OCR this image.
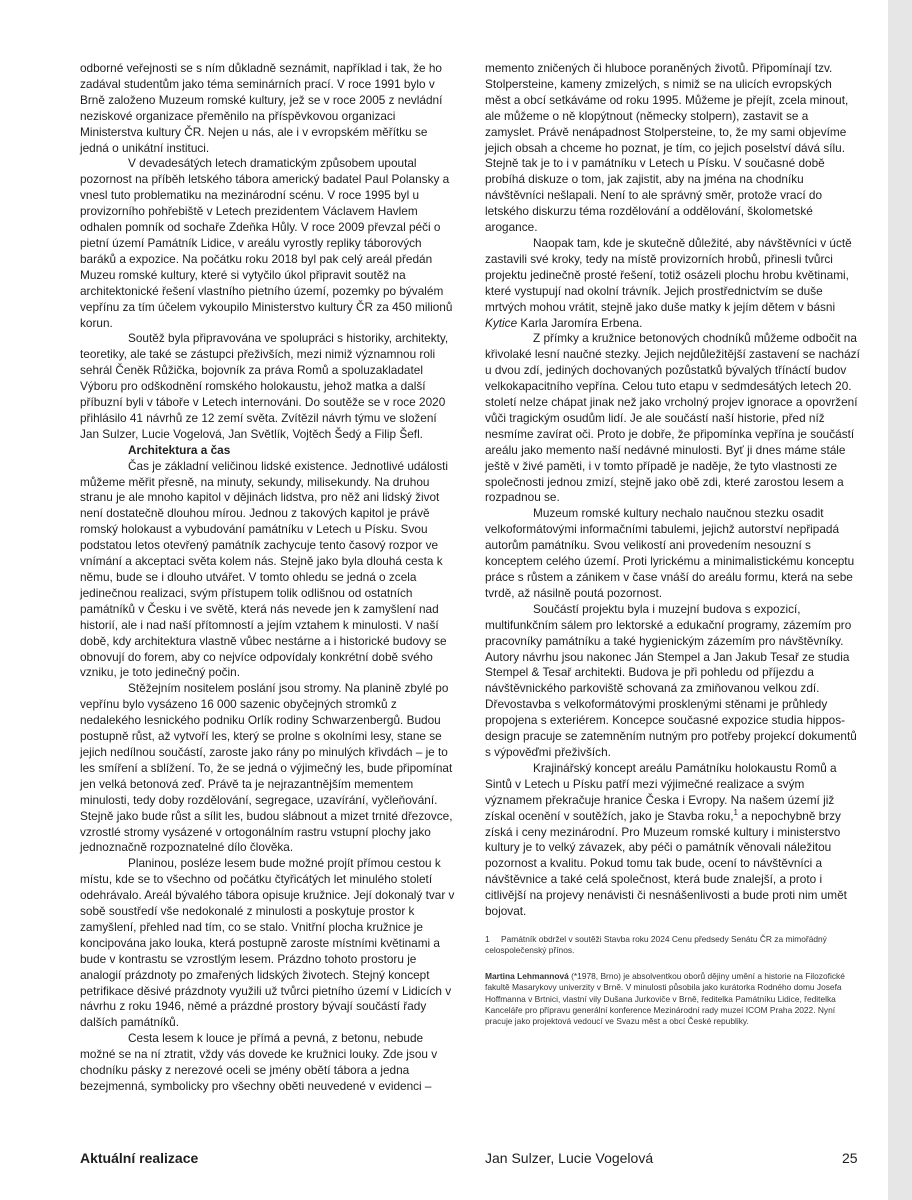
odborné veřejnosti se s ním důkladně seznámit, například i tak, že ho zadával studentům jako téma seminárních prací. V roce 1991 bylo v Brně založeno Muzeum romské kultury, jež se v roce 2005 z nevládní neziskové organizace přeměnilo na příspěvkovou organizaci Ministerstva kultury ČR. Nejen u nás, ale i v evropském měřítku se jedná o unikátní instituci.

V devadesátých letech dramatickým způsobem upoutal pozornost na příběh letského tábora americký badatel Paul Polansky a vnesl tuto problematiku na mezinárodní scénu. V roce 1995 byl u provizorního pohřebiště v Letech prezidentem Václavem Havlem odhalen pomník od sochaře Zdeňka Hůly. V roce 2009 převzal péči o pietní území Památník Lidice, v areálu vyrostly repliky táborových baráků a expozice. Na počátku roku 2018 byl pak celý areál předán Muzeu romské kultury, které si vytyčilo úkol připravit soutěž na architektonické řešení vlastního pietního území, pozemky po bývalém vepřínu za tím účelem vykoupilo Ministerstvo kultury ČR za 450 milionů korun.

Soutěž byla připravována ve spolupráci s historiky, architekty, teoretiky, ale také se zástupci přeživších, mezi nimiž významnou roli sehrál Čeněk Růžička, bojovník za práva Romů a spoluzakladatel Výboru pro odškodnění romského holokaustu, jehož matka a další příbuzní byli v táboře v Letech internováni. Do soutěže se v roce 2020 přihlásilo 41 návrhů ze 12 zemí světa. Zvítězil návrh týmu ve složení Jan Sulzer, Lucie Vogelová, Jan Světlík, Vojtěch Šedý a Filip Šefl.

Architektura a čas

Čas je základní veličinou lidské existence. Jednotlivé události můžeme měřit přesně, na minuty, sekundy, milisekundy. Na druhou stranu je ale mnoho kapitol v dějinách lidstva, pro něž ani lidský život není dostatečně dlouhou mírou. Jednou z takových kapitol je právě romský holokaust a vybudování památníku v Letech u Písku. Svou podstatou letos otevřený památník zachycuje tento časový rozpor ve vnímání a akceptaci světa kolem nás. Stejně jako byla dlouhá cesta k němu, bude se i dlouho utvářet. V tomto ohledu se jedná o zcela jedinečnou realizaci, svým přístupem tolik odlišnou od ostatních památníků v Česku i ve světě, která nás nevede jen k zamyšlení nad historií, ale i nad naší přítomností a jejím vztahem k minulosti. V naší době, kdy architektura vlastně vůbec nestárne a i historické budovy se obnovují do forem, aby co nejvíce odpovídaly konkrétní době svého vzniku, je toto jedinečný počin.

Stěžejním nositelem poslání jsou stromy. Na planině zbylé po vepřínu bylo vysázeno 16 000 sazenic obyčejných stromků z nedalekého lesnického podniku Orlík rodiny Schwarzenbergů. Budou postupně růst, až vytvoří les, který se prolne s okolními lesy, stane se jejich nedílnou součástí, zaroste jako rány po minulých křivdách – je to les smíření a sblížení. To, že se jedná o výjimečný les, bude připomínat jen velká betonová zeď. Právě ta je nejrazantnějším mementem minulosti, tedy doby rozdělování, segregace, uzavírání, vyčleňování. Stejně jako bude růst a sílit les, budou slábnout a mizet trnité dřezovce, vzrostlé stromy vysázené v ortogonálním rastru vstupní plochy jako jednoznačně rozpoznatelné dílo člověka.

Planinou, posléze lesem bude možné projít přímou cestou k místu, kde se to všechno od počátku čtyřicátých let minulého století odehrávalo. Areál bývalého tábora opisuje kružnice. Její dokonalý tvar v sobě soustředí vše nedokonalé z minulosti a poskytuje prostor k zamyšlení, přehled nad tím, co se stalo. Vnitřní plocha kružnice je koncipována jako louka, která postupně zaroste místními květinami a bude v kontrastu se vzrostlým lesem. Prázdno tohoto prostoru je analogií prázdnoty po zmařených lidských životech. Stejný koncept petrifikace děsivé prázdnoty využili už tvůrci pietního území v Lidicích v návrhu z roku 1946, němé a prázdné prostory bývají součástí řady dalších památníků.

Cesta lesem k louce je přímá a pevná, z betonu, nebude možné se na ní ztratit, vždy vás dovede ke kružnici louky. Zde jsou v chodníku pásky z nerezové oceli se jmény obětí tábora a jedna bezejmenná, symbolicky pro všechny oběti neuvedené v evidenci –

memento zničených či hluboce poraněných životů. Připomínají tzv. Stolpersteine, kameny zmizelých, s nimiž se na ulicích evropských měst a obcí setkáváme od roku 1995. Můžeme je přejít, zcela minout, ale můžeme o ně klopýtnout (německy stolpern), zastavit se a zamyslet. Právě nenápadnost Stolpersteine, to, že my sami objevíme jejich obsah a chceme ho poznat, je tím, co jejich poselství dává sílu. Stejně tak je to i v památníku v Letech u Písku. V současné době probíhá diskuze o tom, jak zajistit, aby na jména na chodníku návštěvníci nešlapali. Není to ale správný směr, protože vrací do letského diskurzu téma rozdělování a oddělování, školometské arogance.

Naopak tam, kde je skutečně důležité, aby návštěvníci v úctě zastavili své kroky, tedy na místě provizorních hrobů, přinesli tvůrci projektu jedinečně prosté řešení, totiž osázeli plochu hrobu květinami, které vystupují nad okolní trávník. Jejich prostřednictvím se duše mrtvých mohou vrátit, stejně jako duše matky k jejím dětem v básni Kytice Karla Jaromíra Erbena.

Z přímky a kružnice betonových chodníků můžeme odbočit na křivolaké lesní naučné stezky. Jejich nejdůležitější zastavení se nachází u dvou zdí, jediných dochovaných pozůstatků bývalých třínáctí budov velkokapacitního vepřína. Celou tuto etapu v sedmdesátých letech 20. století nelze chápat jinak než jako vrcholný projev ignorace a opovržení vůči tragickým osudům lidí. Je ale součástí naší historie, před níž nesmíme zavírat oči. Proto je dobře, že připomínka vepřína je součástí areálu jako memento naší nedávné minulosti. Byť ji dnes máme stále ještě v živé paměti, i v tomto případě je naděje, že tyto vlastnosti ze společnosti jednou zmizí, stejně jako obě zdi, které zarostou lesem a rozpadnou se.

Muzeum romské kultury nechalo naučnou stezku osadit velkoformátovými informačními tabulemi, jejichž autorství nepřipadá autorům památníku. Svou velikostí ani provedením nesouzní s konceptem celého území. Proti lyrickému a minimalistickému konceptu práce s růstem a zánikem v čase vnáší do areálu formu, která na sebe tvrdě, až násilně poutá pozornost.

Součástí projektu byla i muzejní budova s expozicí, multifunkčním sálem pro lektorské a edukační programy, zázemím pro pracovníky památníku a také hygienickým zázemím pro návštěvníky. Autory návrhu jsou nakonec Ján Stempel a Jan Jakub Tesař ze studia Stempel & Tesař architekti. Budova je při pohledu od příjezdu a návštěvnického parkoviště schovaná za zmiňovanou velkou zdí. Dřevostavba s velkoformátovými prosklenými stěnami je průhledy propojena s exteriérem. Koncepce současné expozice studia hipposdesign pracuje se zatemněním nutným pro potřeby projekcí dokumentů s výpověďmi přeživších.

Krajinářský koncept areálu Památníku holokaustu Romů a Sintů v Letech u Písku patří mezi výjimečné realizace a svým významem překračuje hranice Česka i Evropy. Na našem území již získal ocenění v soutěžích, jako je Stavba roku,$^1$ a nepochybně brzy získá i ceny mezinárodní. Pro Muzeum romské kultury i ministerstvo kultury je to velký závazek, aby péči o památník věnovali náležitou pozornost a kvalitu. Pokud tomu tak bude, ocení to návštěvníci a návštěvnice a také celá společnost, která bude znalejší, a proto i citlivější na projevy nenávisti či nesnášenlivosti a bude proti nim umět bojovat.

1 Památník obdržel v soutěži Stavba roku 2024 Cenu předsedy Senátu ČR za mimořádný celospolečenský přínos.
Martina Lehmannová (*1978, Brno) je absolventkou oborů dějiny umění a historie na Filozofické fakultě Masarykovy univerzity v Brně. V minulosti působila jako kurátorka Rodného domu Josefa Hoffmanna v Brtnici, vlastní vily Dušana Jurkoviče v Brně, ředitelka Památníku Lidice, ředitelka Kanceláře pro přípravu generální konference Mezinárodní rady muzeí ICOM Praha 2022. Nyní pracuje jako projektová vedoucí ve Svazu měst a obcí České republiky.
Aktuální realizace	Jan Sulzer, Lucie Vogelová	25
